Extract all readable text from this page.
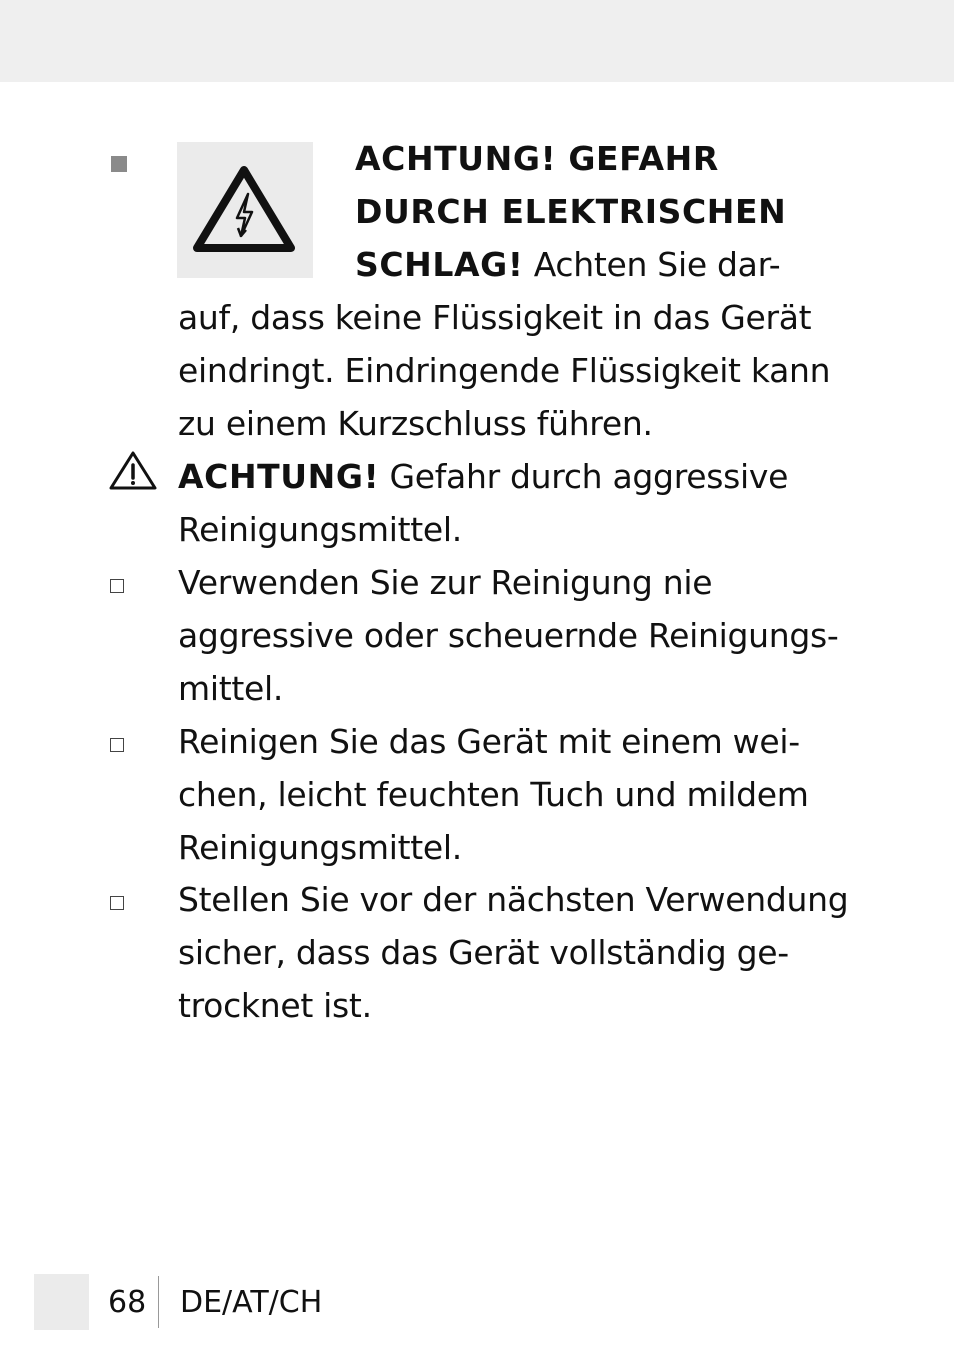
ACHTUNG! GEFAHR
DURCH ELEKTRISCHEN
SCHLAG! Achten Sie dar-
auf, dass keine Flüssigkeit in das Gerät
eindringt. Eindringende Flüssigkeit kann
zu einem Kurzschluss führen.
ACHTUNG! Gefahr durch aggressive
Reinigungsmittel.
Verwenden Sie zur Reinigung nie
aggressive oder scheuernde Reinigungs-
mittel.
Reinigen Sie das Gerät mit einem wei-
chen, leicht feuchten Tuch und mildem
Reinigungsmittel.
Stellen Sie vor der nächsten Verwendung
sicher, dass das Gerät vollständig ge-
trocknet ist.
68 DE/AT/CH
